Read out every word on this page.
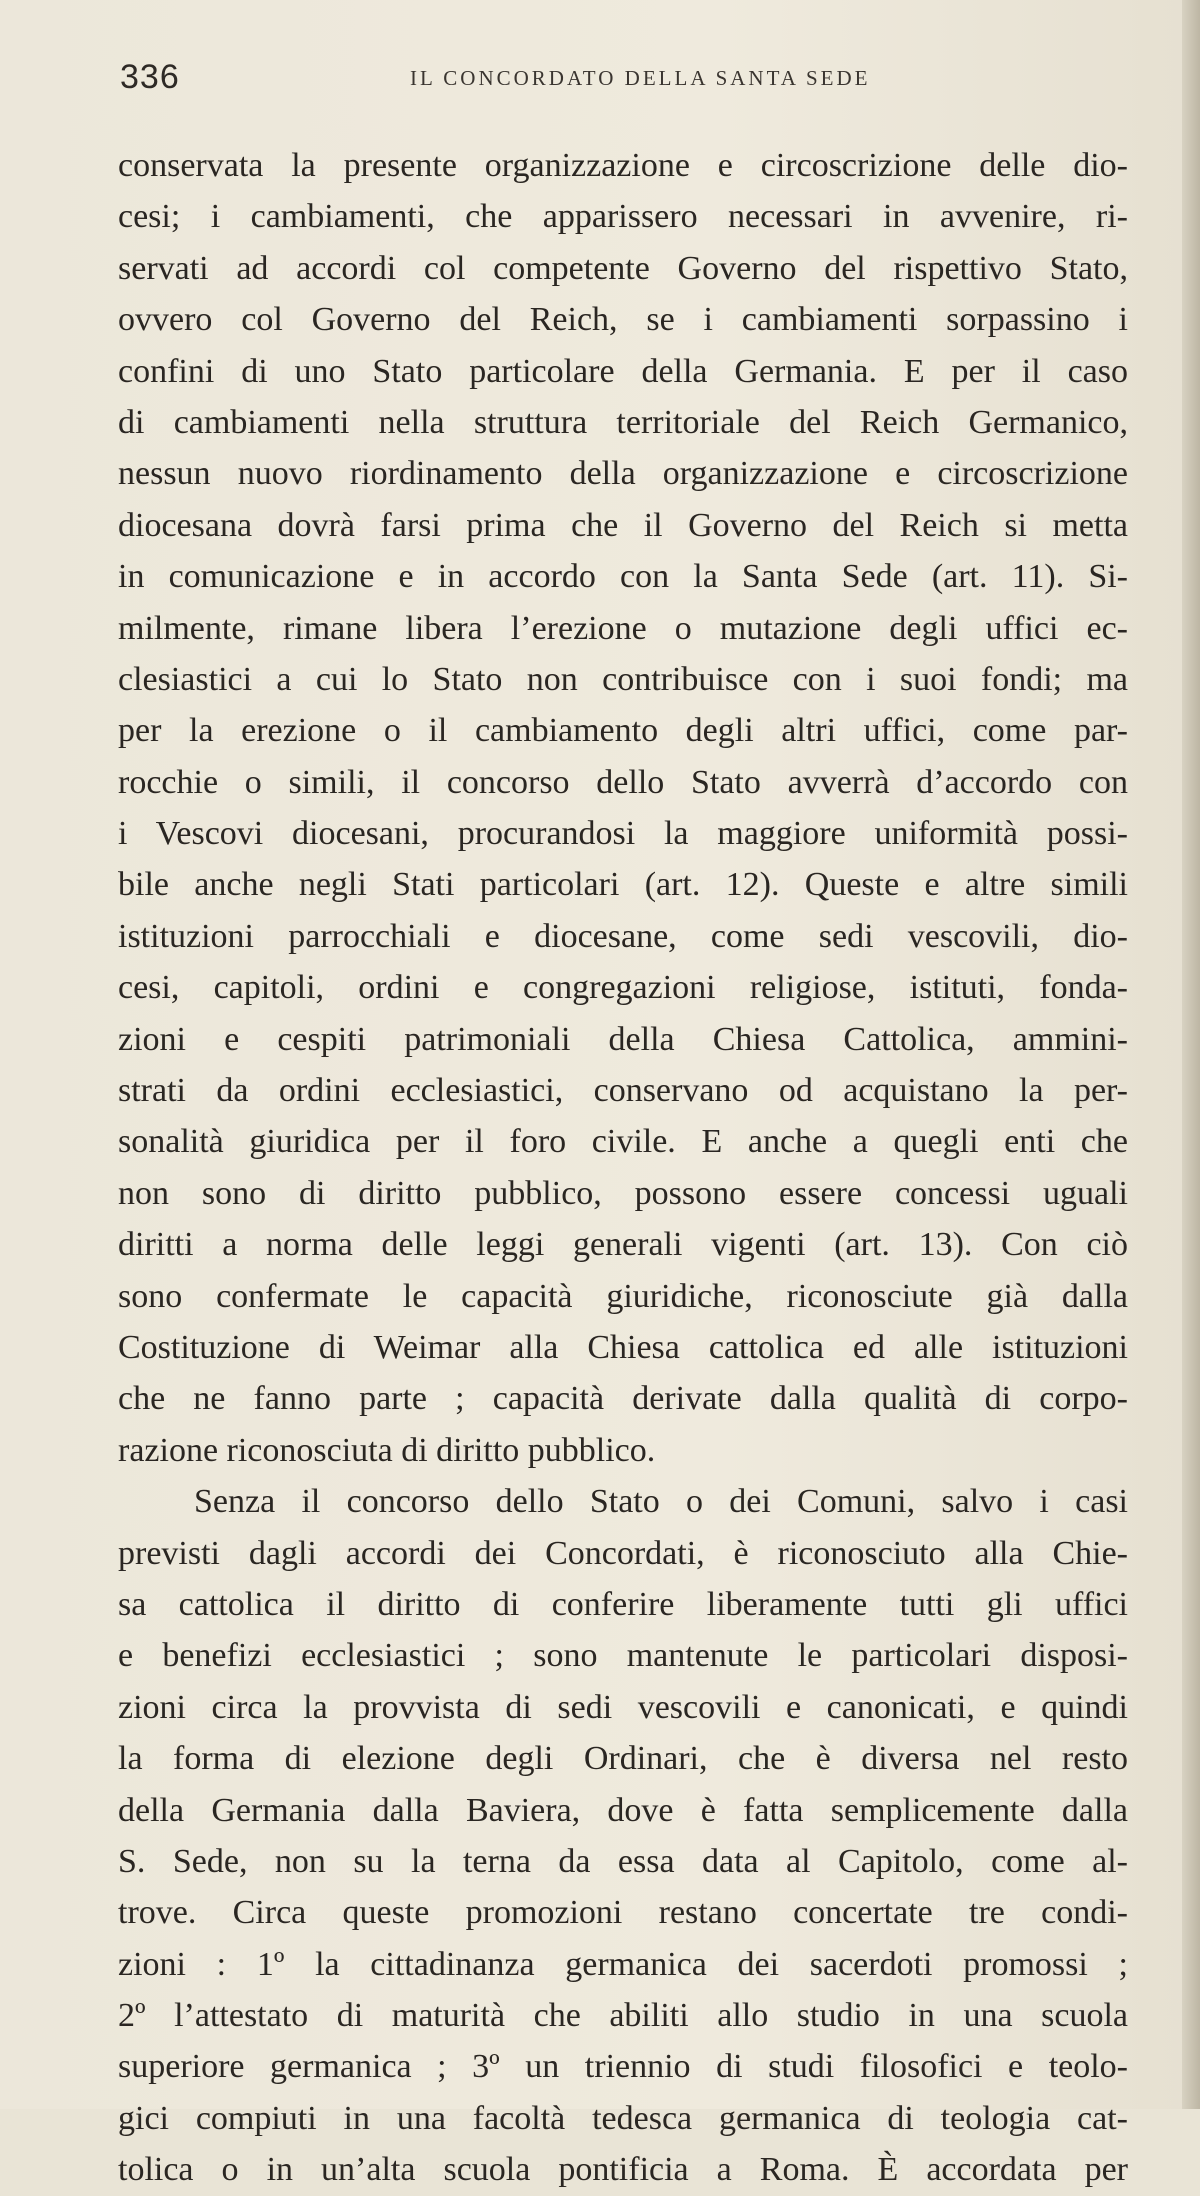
336	IL CONCORDATO DELLA SANTA SEDE
conservata la presente organizzazione e circoscrizione delle dio-
cesi; i cambiamenti, che apparissero necessari in avvenire, ri-
servati ad accordi col competente Governo del rispettivo Stato,
ovvero col Governo del Reich, se i cambiamenti sorpassino i
confini di uno Stato particolare della Germania. E per il caso
di cambiamenti nella struttura territoriale del Reich Germanico,
nessun nuovo riordinamento della organizzazione e circoscrizione
diocesana dovrà farsi prima che il Governo del Reich si metta
in comunicazione e in accordo con la Santa Sede (art. 11). Si-
milmente, rimane libera l’erezione o mutazione degli uffici ec-
clesiastici a cui lo Stato non contribuisce con i suoi fondi; ma
per la erezione o il cambiamento degli altri uffici, come par-
rocchie o simili, il concorso dello Stato avverrà d’accordo con
i Vescovi diocesani, procurandosi la maggiore uniformità possi-
bile anche negli Stati particolari (art. 12). Queste e altre simili
istituzioni parrocchiali e diocesane, come sedi vescovili, dio-
cesi, capitoli, ordini e congregazioni religiose, istituti, fonda-
zioni e cespiti patrimoniali della Chiesa Cattolica, ammini-
strati da ordini ecclesiastici, conservano od acquistano la per-
sonalità giuridica per il foro civile. E anche a quegli enti che
non sono di diritto pubblico, possono essere concessi uguali
diritti a norma delle leggi generali vigenti (art. 13). Con ciò
sono confermate le capacità giuridiche, riconosciute già dalla
Costituzione di Weimar alla Chiesa cattolica ed alle istituzioni
che ne fanno parte ; capacità derivate dalla qualità di corpo-
razione riconosciuta di diritto pubblico.
Senza il concorso dello Stato o dei Comuni, salvo i casi
previsti dagli accordi dei Concordati, è riconosciuto alla Chie-
sa cattolica il diritto di conferire liberamente tutti gli uffici
e benefizi ecclesiastici ; sono mantenute le particolari disposi-
zioni circa la provvista di sedi vescovili e canonicati, e quindi
la forma di elezione degli Ordinari, che è diversa nel resto
della Germania dalla Baviera, dove è fatta semplicemente dalla
S. Sede, non su la terna da essa data al Capitolo, come al-
trove. Circa queste promozioni restano concertate tre condi-
zioni : 1º la cittadinanza germanica dei sacerdoti promossi ;
2º l’attestato di maturità che abiliti allo studio in una scuola
superiore germanica ; 3º un triennio di studi filosofici e teolo-
gici compiuti in una facoltà tedesca germanica di teologia cat-
tolica o in un’alta scuola pontificia a Roma. È accordata per
